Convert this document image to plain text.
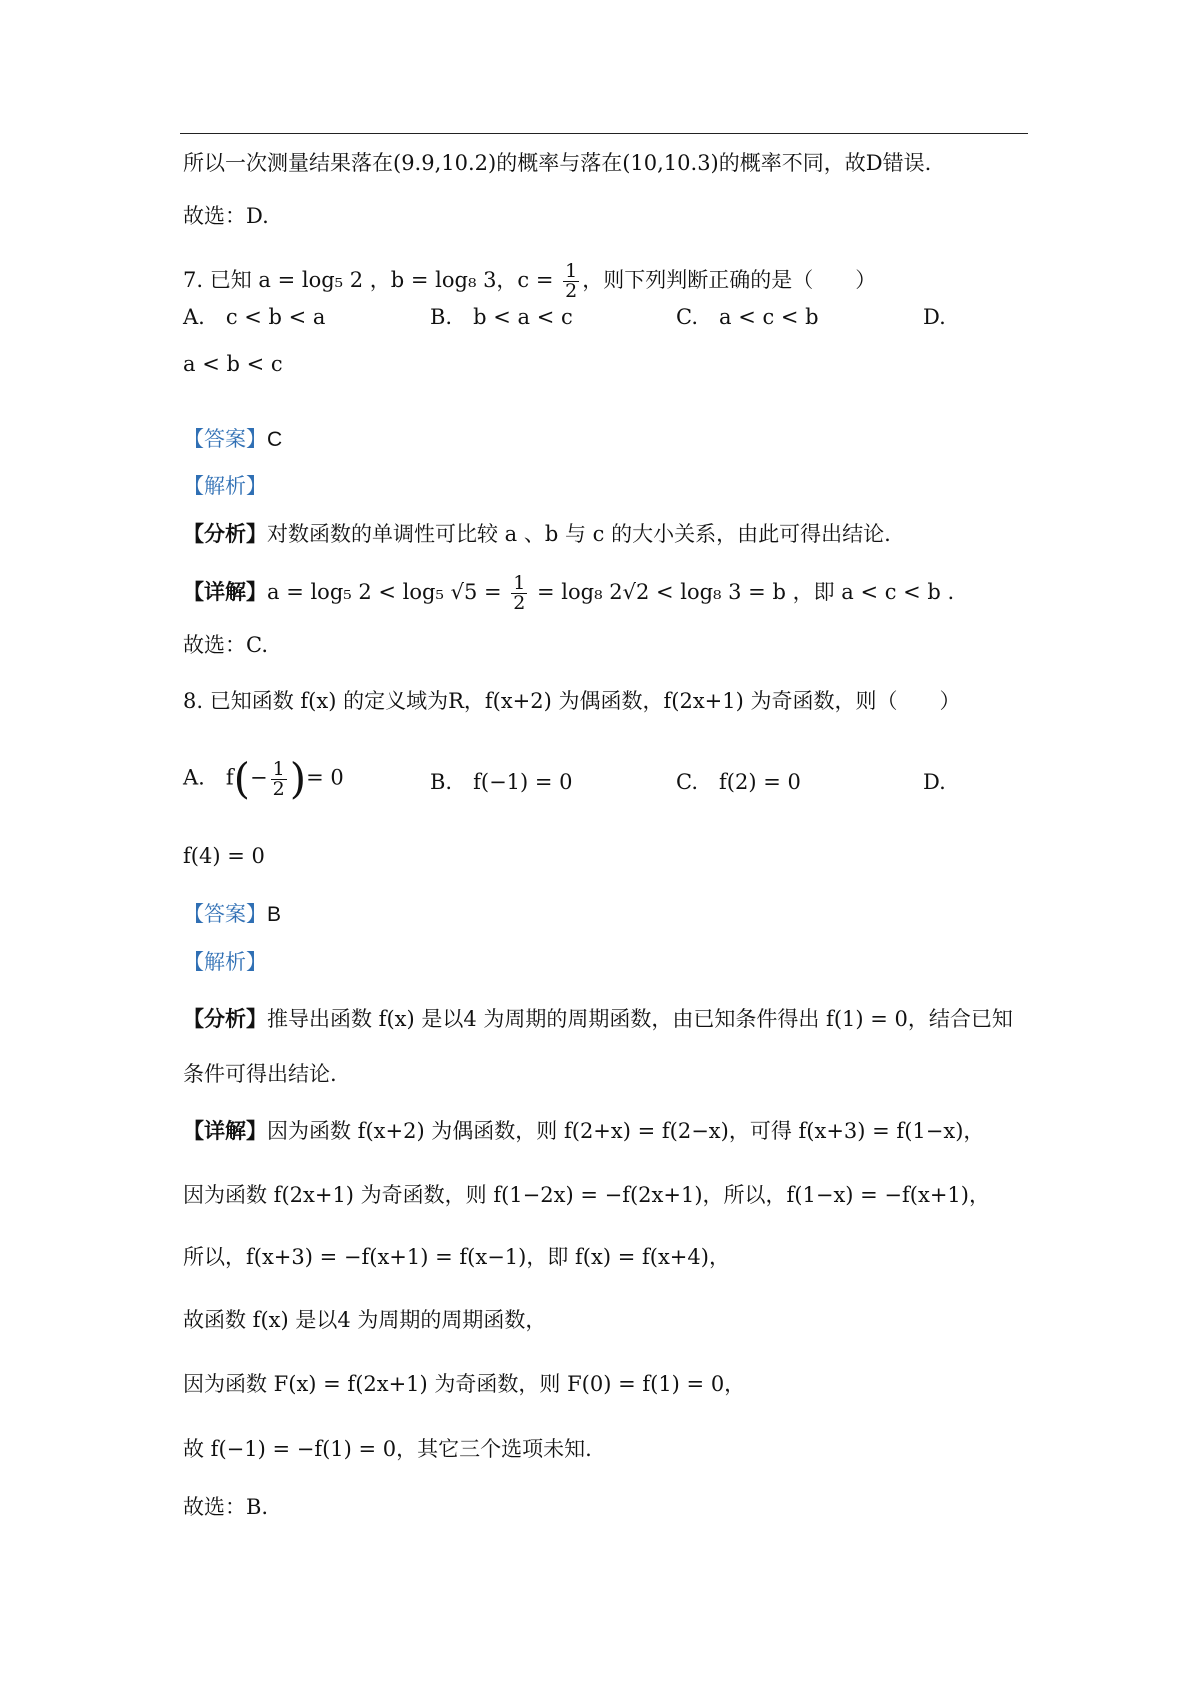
所以一次测量结果落在(9.9,10.2)的概率与落在(10,10.3)的概率不同，故D错误.
故选：D.
7. 已知 a = log₅ 2 ，b = log₈ 3，$c = \frac{1}{2}$ ，则下列判断正确的是（　　）
A.　c < b < a	B.　b < a < c	C.　a < c < b	D.
a < b < c
【答案】C
【解析】
【分析】对数函数的单调性可比较 a 、b 与 c 的大小关系，由此可得出结论.
【详解】a = log₅ 2 < log₅ $√5 = \frac{1}{2} = \log_8$ 2√2 < log₈ 3 = b ，即 a < c < b .
故选：C.
8. 已知函数 f(x) 的定义域为R，f(x+2) 为偶函数，f(2x+1) 为奇函数，则（　　）
A.　$f(- \frac{1}{2}$ )= 0	B.　f(−1) = 0	C.　f(2) = 0	D.
f(4) = 0
【答案】B
【解析】
【分析】推导出函数 f(x) 是以4 为周期的周期函数，由已知条件得出 f(1) = 0，结合已知
条件可得出结论.
【详解】因为函数 f(x+2) 为偶函数，则 f(2+x) = f(2−x)，可得 f(x+3) = f(1−x)，
因为函数 f(2x+1) 为奇函数，则 f(1−2x) = −f(2x+1)，所以，f(1−x) = −f(x+1)，
所以，f(x+3) = −f(x+1) = f(x−1)，即 f(x) = f(x+4)，
故函数 f(x) 是以4 为周期的周期函数，
因为函数 F(x) = f(2x+1) 为奇函数，则 F(0) = f(1) = 0，
故 f(−1) = −f(1) = 0，其它三个选项未知.
故选：B.
